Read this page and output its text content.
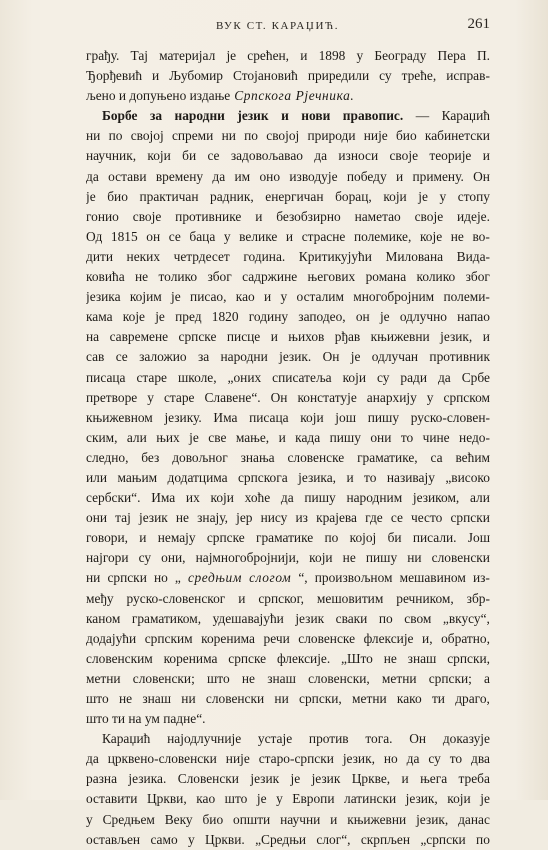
ВУК СТ. КАРАЏИЋ.	261
грађу. Тај материјал је срећен, и 1898 у Београду Пера П.
Ђорђевић и Љубомир Стојановић приредили су треће, исправ-
љено и допуњено издање Српскога Рјечника.
Борбе за народни језик и нови правопис. — Караџић
ни по својој спреми ни по својој природи није био кабинетски
научник, који би се задовољавао да износи своје теорије и
да остави времену да им оно изводује победу и примену. Он
је био практичан радник, енергичан борац, који је у стопу
гонио своје противнике и безобзирно наметао своје идеје.
Од 1815 он се баца у велике и страсне полемике, које не во-
дити неких четрдесет година. Критикујући Милована Вида-
ковића не толико због садржине његових романа колико због
језика којим је писао, као и у осталим многобројним полеми-
кама које је пред 1820 годину заподео, он је одлучно напао
на савремене српске писце и њихов рђав књижевни језик, и
сав се заложио за народни језик. Он је одлучан противник
писаца старе школе, „оних списатеља који су ради да Србе
претворе у старе Славене“. Он констатује анархију у српском
књижевном језику. Има писаца који још пишу руско-словен-
ским, али њих је све мање, и када пишу они то чине недо-
следно, без довољног знања словенске граматике, са већим
или мањим додатцима српскога језика, и то називају „високо
сербски“. Има их који хоће да пишу народним језиком, али
они тај језик не знају, јер нису из крајева где се често српски
говори, и немају српске граматике по којој би писали. Још
најгори су они, најмногобројнији, који не пишу ни словенски
ни српски но „ средњим слогом “, произвољном мешавином из-
међу руско-словенског и српског, мешовитим речником, збр-
каном граматиком, удешавајући језик сваки по свом „вкусу“,
додајући српским коренима речи словенске флексије и, обратно,
словенским коренима српске флексије. „Што не знаш српски,
метни словенски; што не знаш словенски, метни српски; а
што не знаш ни словенски ни српски, метни како ти драго,
што ти на ум падне“.
Караџић најодлучније устаје против тога. Он доказује
да црквено-словенски није старо-српски језик, но да су то два
разна језика. Словенски језик је језик Цркве, и њега треба
оставити Цркви, као што је у Европи латински језик, који је
у Средњем Веку био општи научни и књижевни језик, данас
остављен само у Цркви. „Средњи слог“, скрпљен „српски по
